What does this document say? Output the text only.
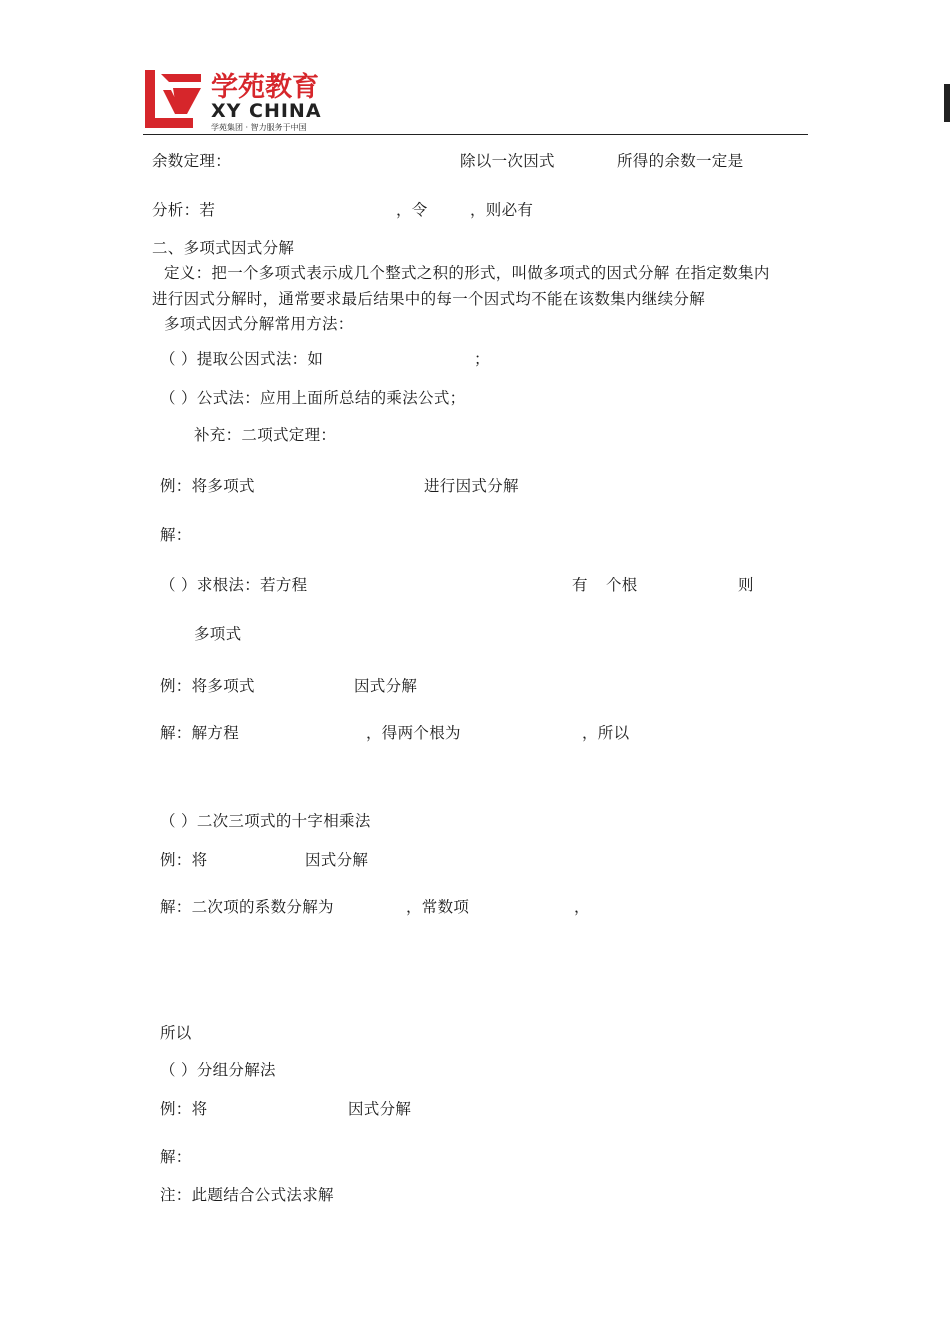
学苑教育
XY CHINA
学苑集团 · 智力服务于中国
余数定理：	除以一次因式	所得的余数一定是
分析：若	，令	，则必有
二、多项式因式分解
定义：把一个多项式表示成几个整式之积的形式，叫做多项式的因式分解 在指定数集内
进行因式分解时，通常要求最后结果中的每一个因式均不能在该数集内继续分解
多项式因式分解常用方法：
（ ）提取公因式法：如	；
（ ）公式法：应用上面所总结的乘法公式；
补充：二项式定理：
例：将多项式	进行因式分解
解：
（ ）求根法：若方程	有 个根	则
多项式
例：将多项式	因式分解
解：解方程	，得两个根为	，所以
（ ）二次三项式的十字相乘法
例：将	因式分解
解：二次项的系数分解为	，常数项	，
所以
（ ）分组分解法
例：将	因式分解
解：
注：此题结合公式法求解
